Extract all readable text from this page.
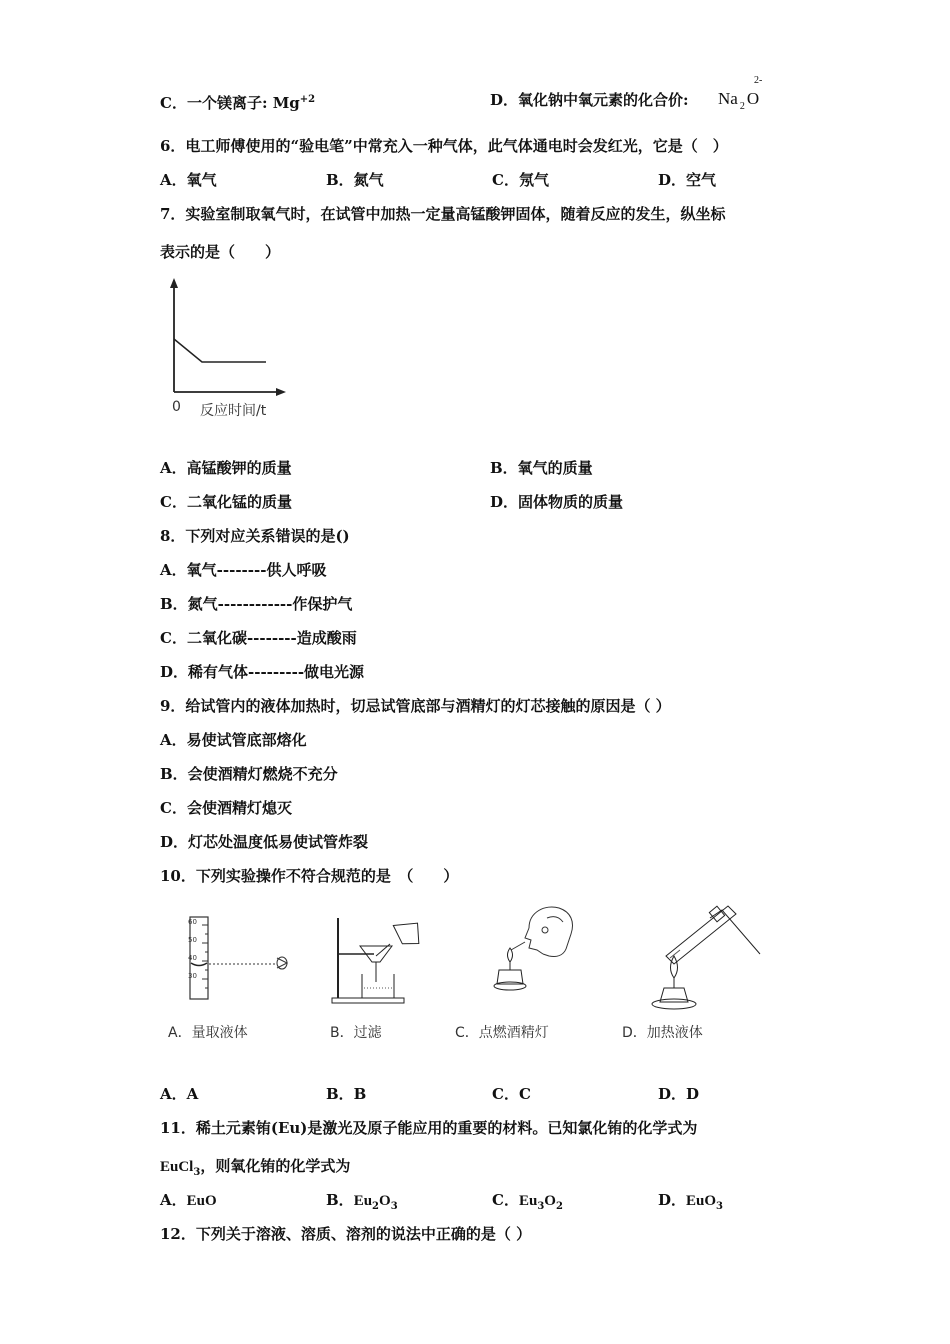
C．一个镁离子: $Mg^{+2}$	D．氧化钠中氧元素的化合价: Na $_2$ O
2-
6．电工师傅使用的“验电笔”中常充入一种气体，此气体通电时会发红光，它是（　）
A．氧气	B．氮气	C．氖气	D．空气
7．实验室制取氧气时，在试管中加热一定量高锰酸钾固体，随着反应的发生，纵坐标
表示的是（　　）
0 反应时间/t
A．高锰酸钾的质量	B．氧气的质量
C．二氧化锰的质量	D．固体物质的质量
8．下列对应关系错误的是()
A．氧气--------供人呼吸
B．氮气------------作保护气
C．二氧化碳--------造成酸雨
D．稀有气体---------做电光源
9．给试管内的液体加热时，切忌试管底部与酒精灯的灯芯接触的原因是（ ）
A．易使试管底部熔化
B．会使酒精灯燃烧不充分
C．会使酒精灯熄灭
D．灯芯处温度低易使试管炸裂
10．下列实验操作不符合规范的是　（　　）
60
50
40
30
A．量取液体	B．过滤	C．点燃酒精灯	D．加热液体
A．A	B．B	C．C	D．D
11．稀土元素铕(Eu)是激光及原子能应用的重要的材料。已知氯化铕的化学式为
EuCl$_3$，则氧化铕的化学式为
A．EuO	B．$Eu_2O_3$	C．$Eu_3O_2$	D．EuO$_3$
12．下列关于溶液、溶质、溶剂的说法中正确的是（ ）
